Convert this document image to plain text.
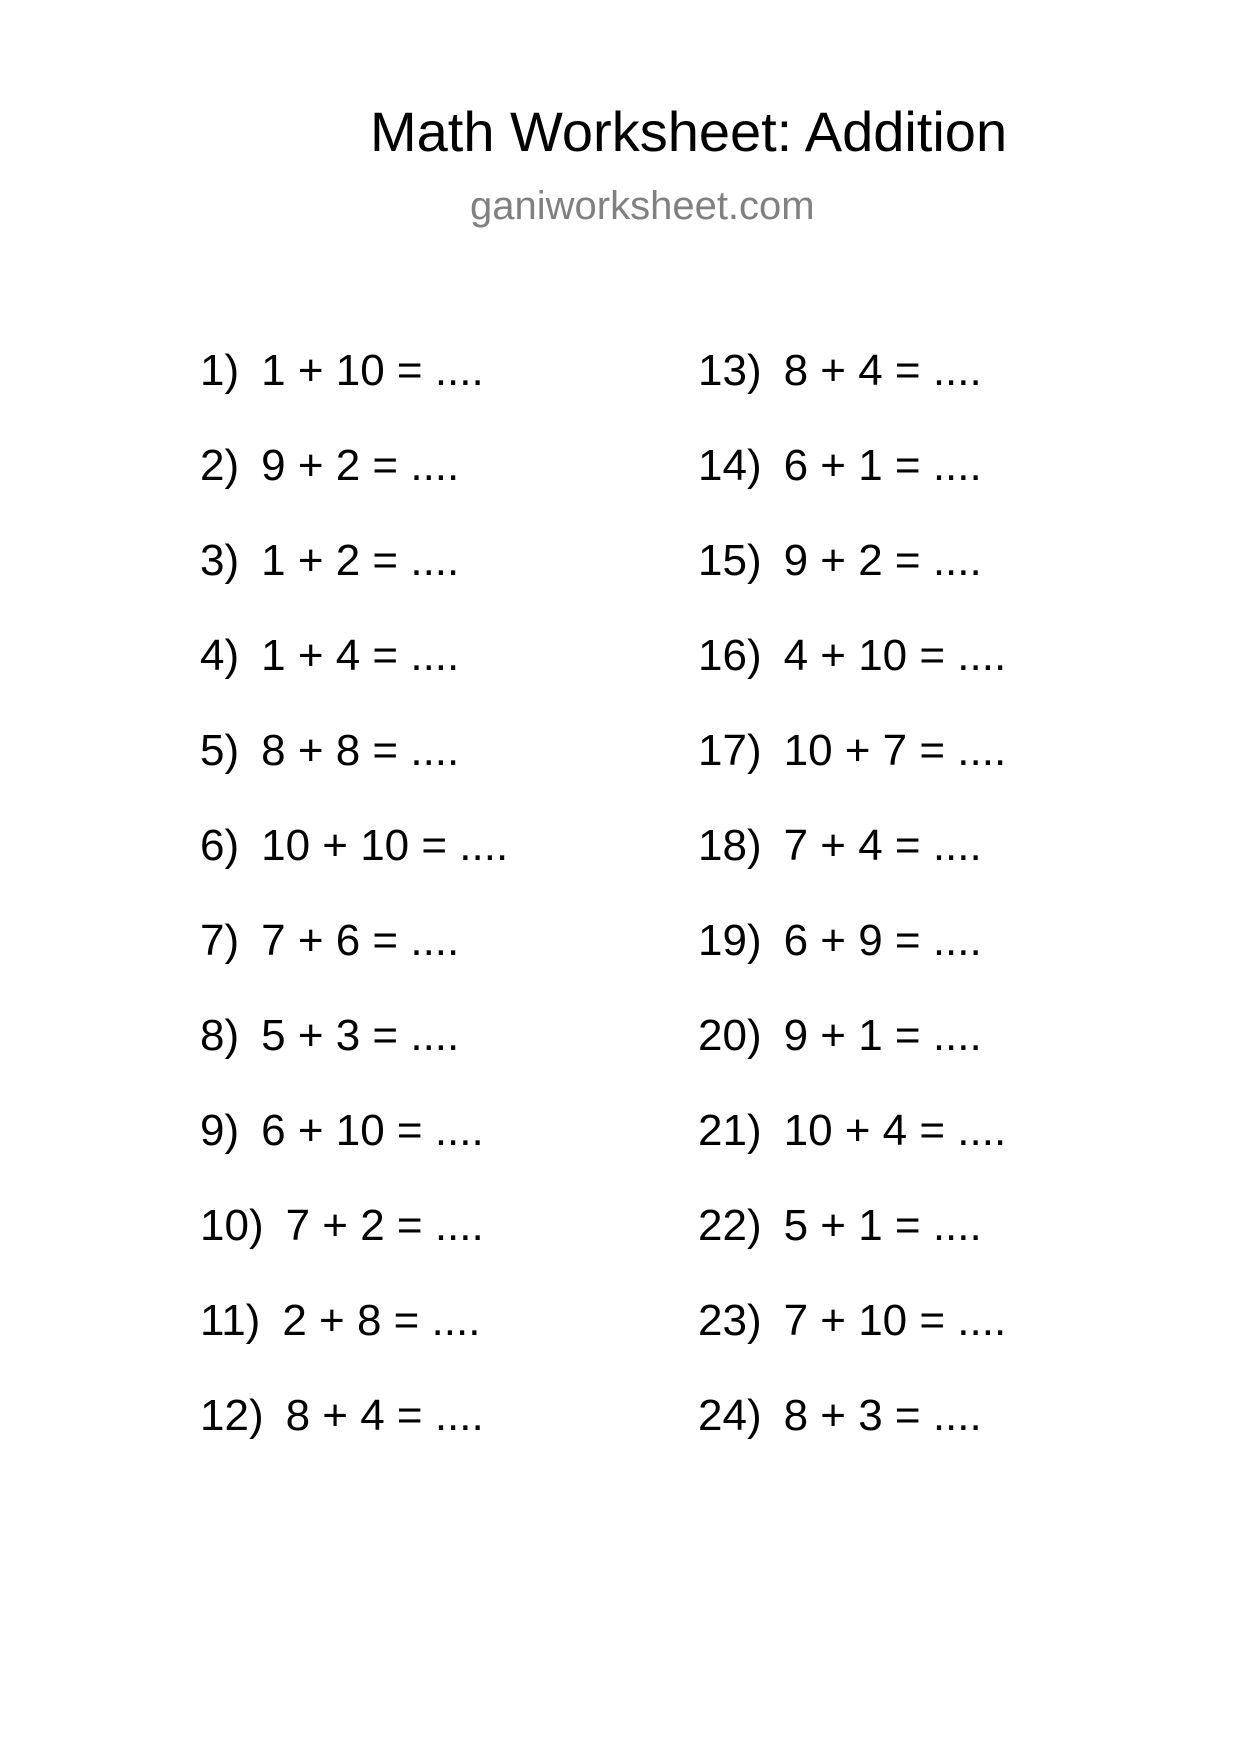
Math Worksheet: Addition
ganiworksheet.com
1) 1 + 10 = ....
2) 9 + 2 = ....
3) 1 + 2 = ....
4) 1 + 4 = ....
5) 8 + 8 = ....
6) 10 + 10 = ....
7) 7 + 6 = ....
8) 5 + 3 = ....
9) 6 + 10 = ....
10) 7 + 2 = ....
11) 2 + 8 = ....
12) 8 + 4 = ....
13) 8 + 4 = ....
14) 6 + 1 = ....
15) 9 + 2 = ....
16) 4 + 10 = ....
17) 10 + 7 = ....
18) 7 + 4 = ....
19) 6 + 9 = ....
20) 9 + 1 = ....
21) 10 + 4 = ....
22) 5 + 1 = ....
23) 7 + 10 = ....
24) 8 + 3 = ....
